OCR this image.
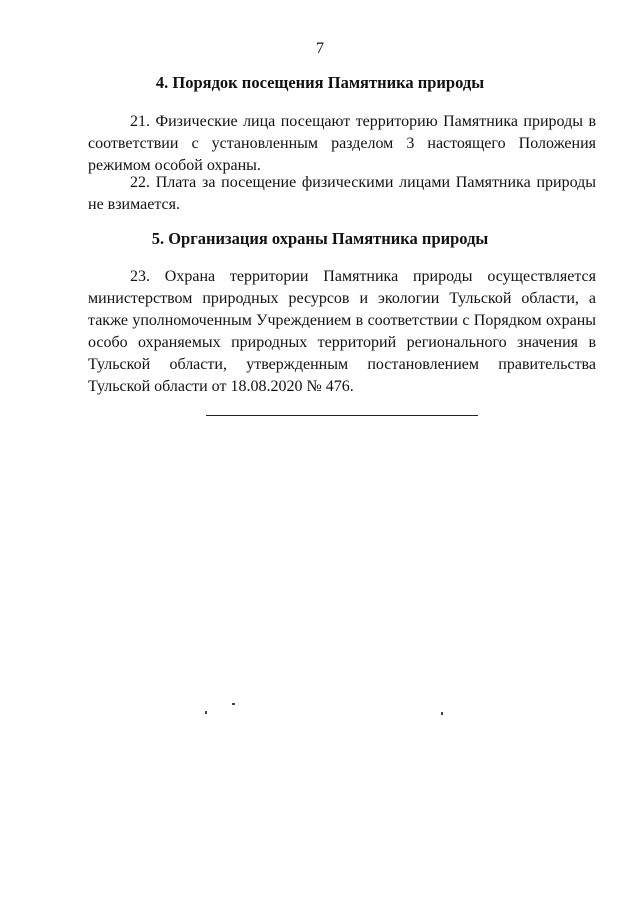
7
4. Порядок посещения Памятника природы
21. Физические лица посещают территорию Памятника природы в соответствии с установленным разделом 3 настоящего Положения режимом особой охраны.
22. Плата за посещение физическими лицами Памятника природы не взимается.
5. Организация охраны Памятника природы
23. Охрана территории Памятника природы осуществляется министерством природных ресурсов и экологии Тульской области, а также уполномоченным Учреждением в соответствии с Порядком охраны особо охраняемых природных территорий регионального значения в Тульской области, утвержденным постановлением правительства Тульской области от 18.08.2020 № 476.
